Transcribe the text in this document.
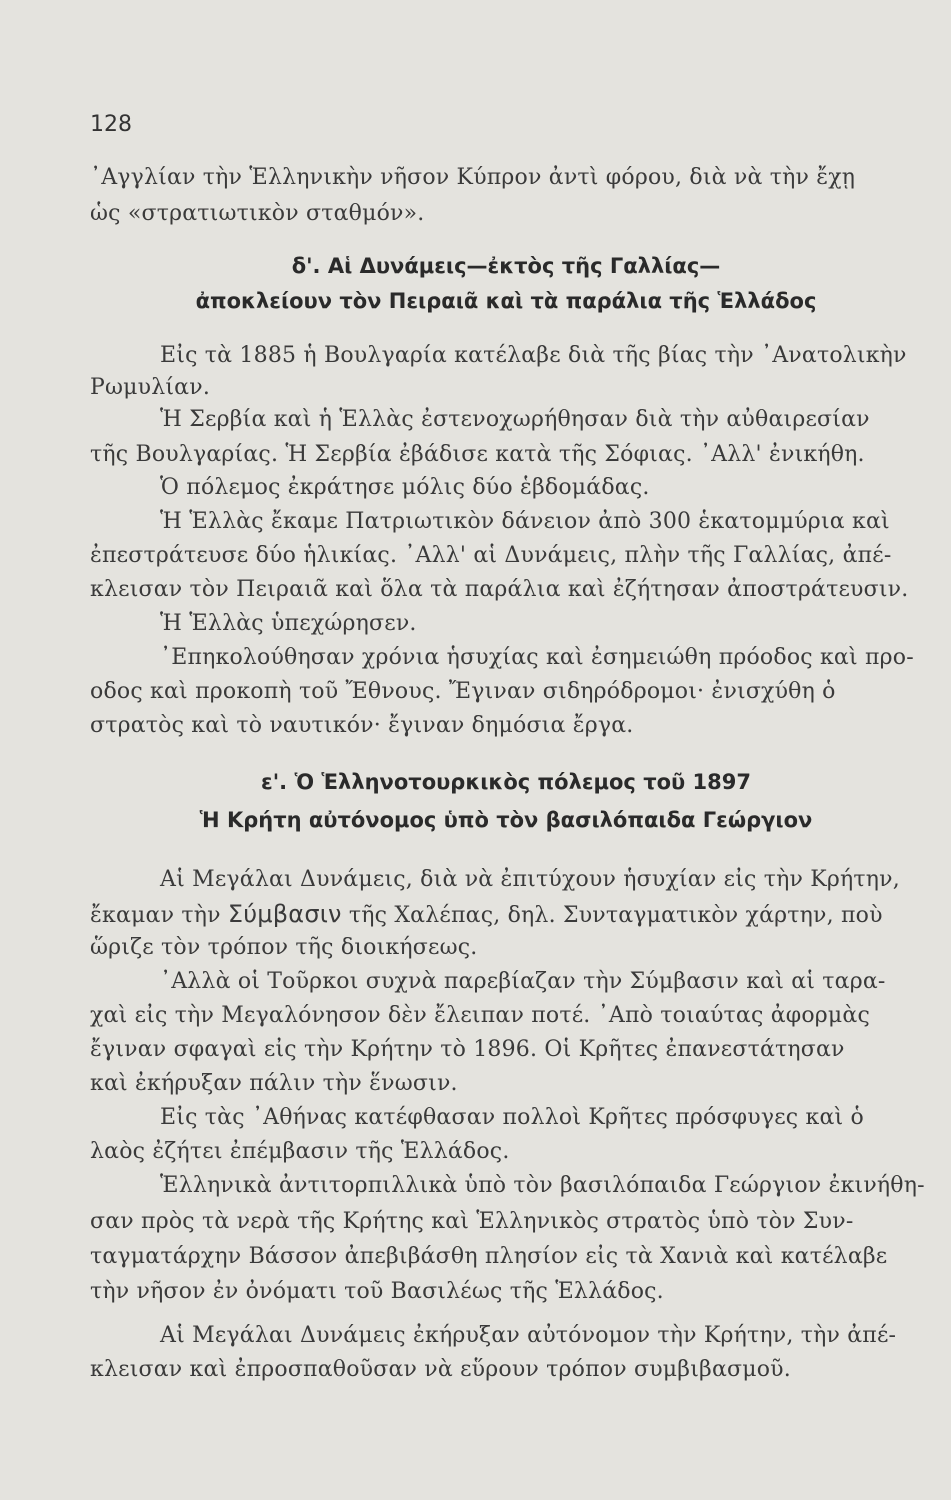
128
᾿Αγγλίαν τὴν Ἑλληνικὴν νῆσον Κύπρον ἀντὶ φόρου, διὰ νὰ τὴν ἔχῃ
ὡς «στρατιωτικὸν σταθμόν».
δ'. Αἱ Δυνάμεις—ἐκτὸς τῆς Γαλλίας—
ἀποκλείουν τὸν Πειραιᾶ καὶ τὰ παράλια τῆς Ἑλλάδος
Εἰς τὰ 1885 ἡ Βουλγαρία κατέλαβε διὰ τῆς βίας τὴν ᾿Ανατολικὴν
Ρωμυλίαν.
Ἡ Σερβία καὶ ἡ Ἑλλὰς ἐστενοχωρήθησαν διὰ τὴν αὐθαιρεσίαν
τῆς Βουλγαρίας. Ἡ Σερβία ἐβάδισε κατὰ τῆς Σόφιας. ᾿Αλλ' ἐνικήθη.
Ὁ πόλεμος ἐκράτησε μόλις δύο ἑβδομάδας.
Ἡ Ἑλλὰς ἔκαμε Πατριωτικὸν δάνειον ἀπὸ 300 ἑκατομμύρια καὶ
ἐπεστράτευσε δύο ἡλικίας. ᾿Αλλ' αἱ Δυνάμεις, πλὴν τῆς Γαλλίας, ἀπέ-
κλεισαν τὸν Πειραιᾶ καὶ ὅλα τὰ παράλια καὶ ἐζήτησαν ἀποστράτευσιν.
Ἡ Ἑλλὰς ὑπεχώρησεν.
᾿Επηκολούθησαν χρόνια ἡσυχίας καὶ ἐσημειώθη πρόοδος καὶ προ-
οδος καὶ προκοπὴ τοῦ Ἔθνους. Ἔγιναν σιδηρόδρομοι· ἐνισχύθη ὁ
στρατὸς καὶ τὸ ναυτικόν· ἔγιναν δημόσια ἔργα.
ε'. Ὁ Ἑλληνοτουρκικὸς πόλεμος τοῦ 1897
Ἡ Κρήτη αὐτόνομος ὑπὸ τὸν βασιλόπαιδα Γεώργιον
Αἱ Μεγάλαι Δυνάμεις, διὰ νὰ ἐπιτύχουν ἡσυχίαν εἰς τὴν Κρήτην,
ἔκαμαν τὴν Σύμβασιν τῆς Χαλέπας, δηλ. Συνταγματικὸν χάρτην, ποὺ
ὥριζε τὸν τρόπον τῆς διοικήσεως.
᾿Αλλὰ οἱ Τοῦρκοι συχνὰ παρεβίαζαν τὴν Σύμβασιν καὶ αἱ ταρα-
χαὶ εἰς τὴν Μεγαλόνησον δὲν ἔλειπαν ποτέ. ᾿Απὸ τοιαύτας ἀφορμὰς
ἔγιναν σφαγαὶ εἰς τὴν Κρήτην τὸ 1896. Οἱ Κρῆτες ἐπανεστάτησαν
καὶ ἐκήρυξαν πάλιν τὴν ἕνωσιν.
Εἰς τὰς ᾿Αθήνας κατέφθασαν πολλοὶ Κρῆτες πρόσφυγες καὶ ὁ
λαὸς ἐζήτει ἐπέμβασιν τῆς Ἑλλάδος.
Ἑλληνικὰ ἀντιτορπιλλικὰ ὑπὸ τὸν βασιλόπαιδα Γεώργιον ἐκινήθη-
σαν πρὸς τὰ νερὰ τῆς Κρήτης καὶ Ἑλληνικὸς στρατὸς ὑπὸ τὸν Συν-
ταγματάρχην Βάσσον ἀπεβιβάσθη πλησίον εἰς τὰ Χανιὰ καὶ κατέλαβε
τὴν νῆσον ἐν ὀνόματι τοῦ Βασιλέως τῆς Ἑλλάδος.
Αἱ Μεγάλαι Δυνάμεις ἐκήρυξαν αὐτόνομον τὴν Κρήτην, τὴν ἀπέ-
κλεισαν καὶ ἐπροσπαθοῦσαν νὰ εὕρουν τρόπον συμβιβασμοῦ.
